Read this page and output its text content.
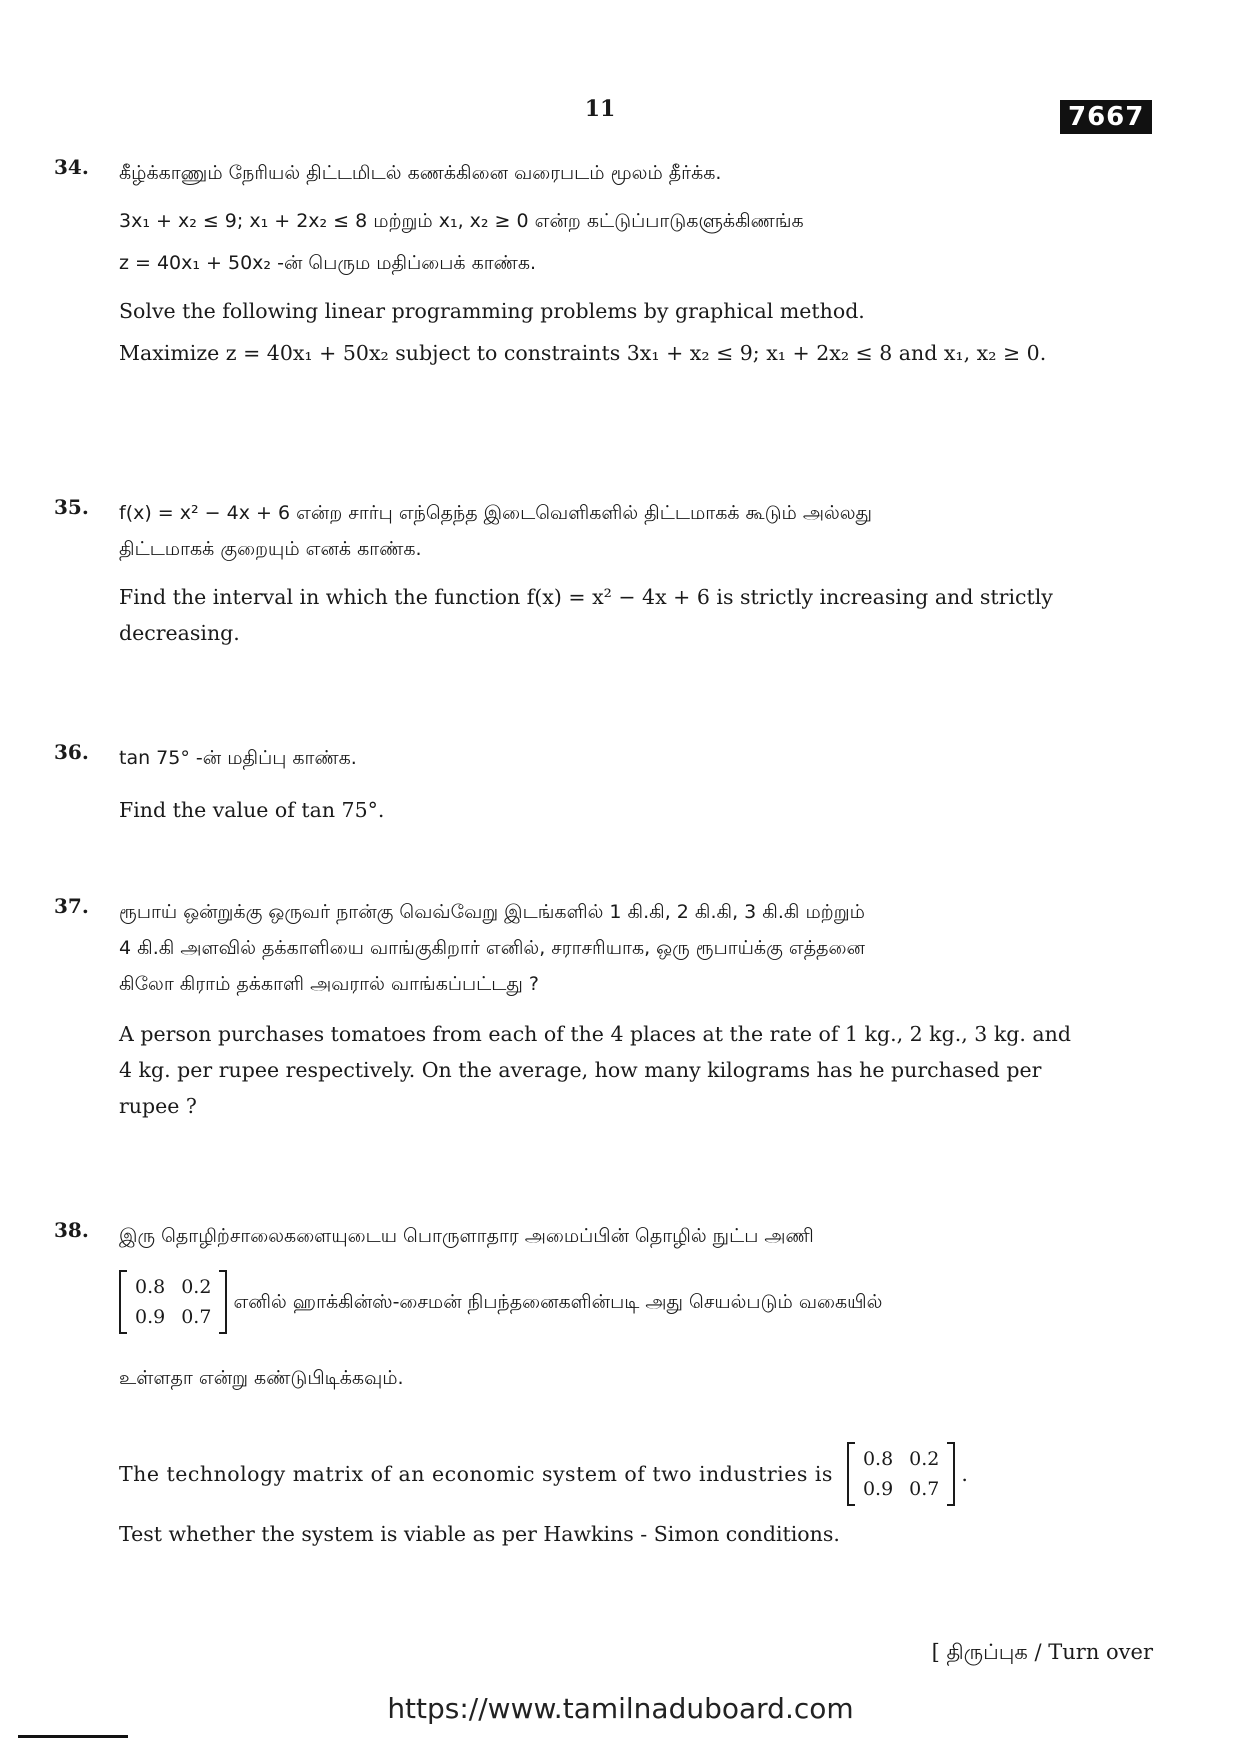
11	7667
34.	கீழ்க்காணும் நேரியல் திட்டமிடல் கணக்கினை வரைபடம் மூலம் தீர்க்க.

3x₁ + x₂ ≤ 9; x₁ + 2x₂ ≤ 8 மற்றும் x₁, x₂ ≥ 0 என்ற கட்டுப்பாடுகளுக்கிணங்க

z = 40x₁ + 50x₂ -ன் பெரும மதிப்பைக் காண்க.

Solve the following linear programming problems by graphical method.

Maximize z = 40x₁ + 50x₂ subject to constraints 3x₁ + x₂ ≤ 9; x₁ + 2x₂ ≤ 8 and x₁, x₂ ≥ 0.

35.	f(x) = x² − 4x + 6 என்ற சார்பு எந்தெந்த இடைவெளிகளில் திட்டமாகக் கூடும் அல்லது

திட்டமாகக் குறையும் எனக் காண்க.

Find the interval in which the function f(x) = x² − 4x + 6 is strictly increasing and strictly

decreasing.

36.	tan 75° -ன் மதிப்பு காண்க.

Find the value of tan 75°.

37.	ரூபாய் ஒன்றுக்கு ஒருவர் நான்கு வெவ்வேறு இடங்களில் 1 கி.கி, 2 கி.கி, 3 கி.கி மற்றும்

4 கி.கி அளவில் தக்காளியை வாங்குகிறார் எனில், சராசரியாக, ஒரு ரூபாய்க்கு எத்தனை

கிலோ கிராம் தக்காளி அவரால் வாங்கப்பட்டது ?

A person purchases tomatoes from each of the 4 places at the rate of 1 kg., 2 kg., 3 kg. and

4 kg. per rupee respectively. On the average, how many kilograms has he purchased per

rupee ?

38.	இரு தொழிற்சாலைகளையுடைய பொருளாதார அமைப்பின் தொழில் நுட்ப அணி

0.8	0.2
0.9	0.7
எனில் ஹாக்கின்ஸ்-சைமன் நிபந்தனைகளின்படி அது செயல்படும் வகையில்

உள்ளதா என்று கண்டுபிடிக்கவும்.

The technology matrix of an economic system of two industries is
0.8	0.2
0.9	0.7
.

Test whether the system is viable as per Hawkins - Simon conditions.

[ திருப்புக / Turn over
https://www.tamilnaduboard.com
